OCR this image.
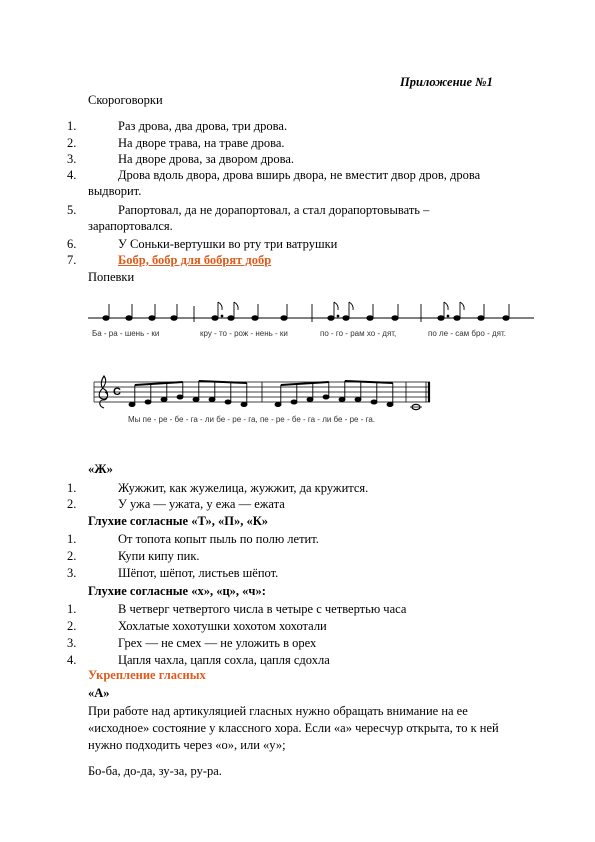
Приложение №1
Скороговорки
1.	Раз дрова, два дрова, три дрова.
2.	На дворе трава, на траве дрова.
3.	На дворе дрова, за двором дрова.
4.	Дрова вдоль двора, дрова вширь двора, не вместит двор дров, дрова
выдворит.
5.	Рапортовал, да не дорапортовал, а стал дорапортовывать –
зарапортовался.
6.	У Соньки-вертушки во рту три ватрушки
7.	Бобр, бобр для бобрят добр
Попевки
Ба - ра - шень - ки	кру - то - рож - нень - ки	по - го - рам хо - дят,	по ле - сам бро - дят.
C
Мы пе - ре - бе - га - ли бе - ре - га, пе - ре - бе - га - ли бе - ре - га.
«Ж»
1.	Жужжит, как жужелица, жужжит, да кружится.
2.	У ужа — ужата, у ежа — ежата
Глухие согласные «Т», «П», «К»
1.	От топота копыт пыль по полю летит.
2.	Купи кипу пик.
3.	Шёпот, шёпот, листьев шёпот.
Глухие согласные «х», «ц», «ч»:
1.	В четверг четвертого числа в четыре с четвертью часа
2.	Хохлатые хохотушки хохотом хохотали
3.	Грех — не смех — не уложить в орех
4.	Цапля чахла, цапля сохла, цапля сдохла
Укрепление гласных
«А»
При работе над артикуляцией гласных нужно обращать внимание на ее
«исходное» состояние у классного хора. Если «а» чересчур открыта, то к ней
нужно подходить через «о», или «у»;
Бо-ба, до-да, зу-за, ру-ра.
